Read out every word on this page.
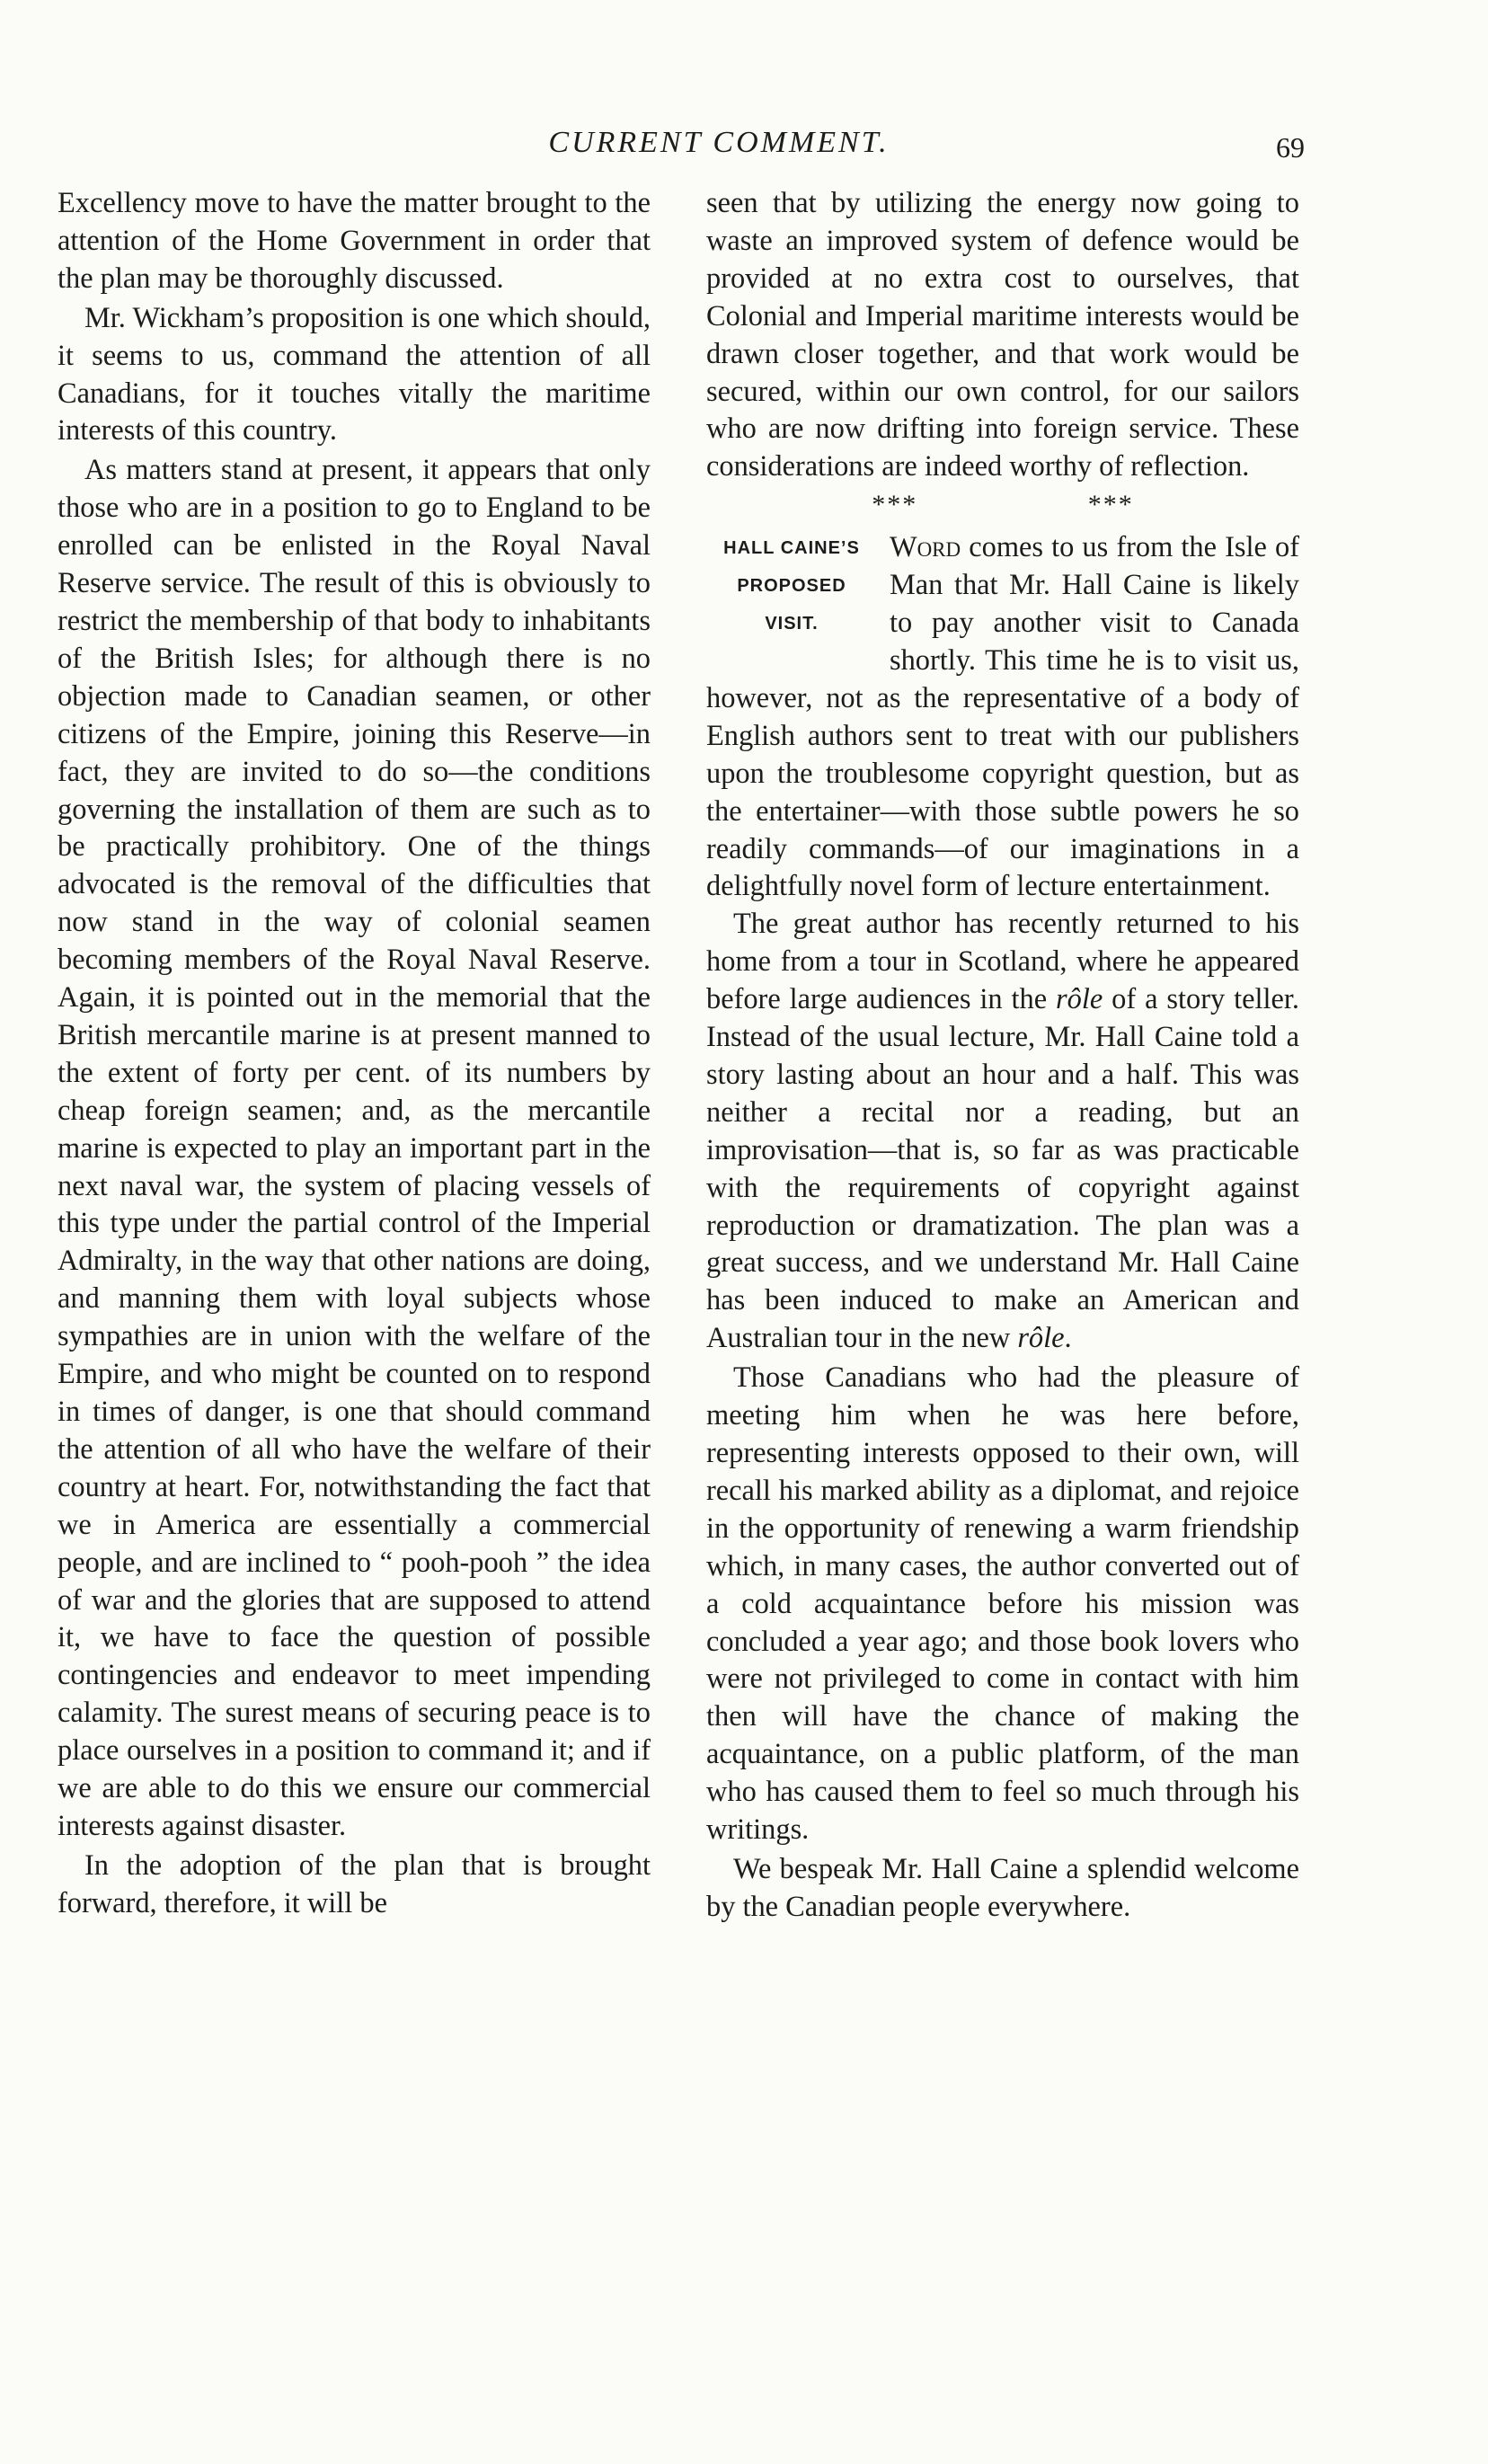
CURRENT COMMENT.	69

Excellency move to have the matter brought to the attention of the Home Government in order that the plan may be thoroughly discussed.

Mr. Wickham’s proposition is one which should, it seems to us, command the attention of all Canadians, for it touches vitally the maritime interests of this country.

As matters stand at present, it appears that only those who are in a position to go to England to be enrolled can be enlisted in the Royal Naval Reserve service. The result of this is obviously to restrict the membership of that body to inhabitants of the British Isles; for although there is no objection made to Canadian seamen, or other citizens of the Empire, joining this Reserve—in fact, they are invited to do so—the conditions governing the installation of them are such as to be practically prohibitory. One of the things advocated is the removal of the difficulties that now stand in the way of colonial seamen becoming members of the Royal Naval Reserve. Again, it is pointed out in the memorial that the British mercantile marine is at present manned to the extent of forty per cent. of its numbers by cheap foreign seamen; and, as the mercantile marine is expected to play an important part in the next naval war, the system of placing vessels of this type under the partial control of the Imperial Admiralty, in the way that other nations are doing, and manning them with loyal subjects whose sympathies are in union with the welfare of the Empire, and who might be counted on to respond in times of danger, is one that should command the attention of all who have the welfare of their country at heart. For, notwithstanding the fact that we in America are essentially a commercial people, and are inclined to “ pooh-pooh ” the idea of war and the glories that are supposed to attend it, we have to face the question of possible contingencies and endeavor to meet impending calamity. The surest means of securing peace is to place ourselves in a position to command it; and if we are able to do this we ensure our commercial interests against disaster.

In the adoption of the plan that is brought forward, therefore, it will be

seen that by utilizing the energy now going to waste an improved system of defence would be provided at no extra cost to ourselves, that Colonial and Imperial maritime interests would be drawn closer together, and that work would be secured, within our own control, for our sailors who are now drifting into foreign service. These considerations are indeed worthy of reflection.

*** ***
HALL CAINE’S
PROPOSED
VISIT.

Word comes to us from the Isle of Man that Mr. Hall Caine is likely to pay another visit to Canada shortly. This time he is to visit us, however, not as the representative of a body of English authors sent to treat with our publishers upon the troublesome copyright question, but as the entertainer—with those subtle powers he so readily commands—of our imaginations in a delightfully novel form of lecture entertainment.

The great author has recently returned to his home from a tour in Scotland, where he appeared before large audiences in the rôle of a story teller. Instead of the usual lecture, Mr. Hall Caine told a story lasting about an hour and a half. This was neither a recital nor a reading, but an improvisation—that is, so far as was practicable with the requirements of copyright against reproduction or dramatization. The plan was a great success, and we understand Mr. Hall Caine has been induced to make an American and Australian tour in the new rôle.

Those Canadians who had the pleasure of meeting him when he was here before, representing interests opposed to their own, will recall his marked ability as a diplomat, and rejoice in the opportunity of renewing a warm friendship which, in many cases, the author converted out of a cold acquaintance before his mission was concluded a year ago; and those book lovers who were not privileged to come in contact with him then will have the chance of making the acquaintance, on a public platform, of the man who has caused them to feel so much through his writings.

We bespeak Mr. Hall Caine a splendid welcome by the Canadian people everywhere.
